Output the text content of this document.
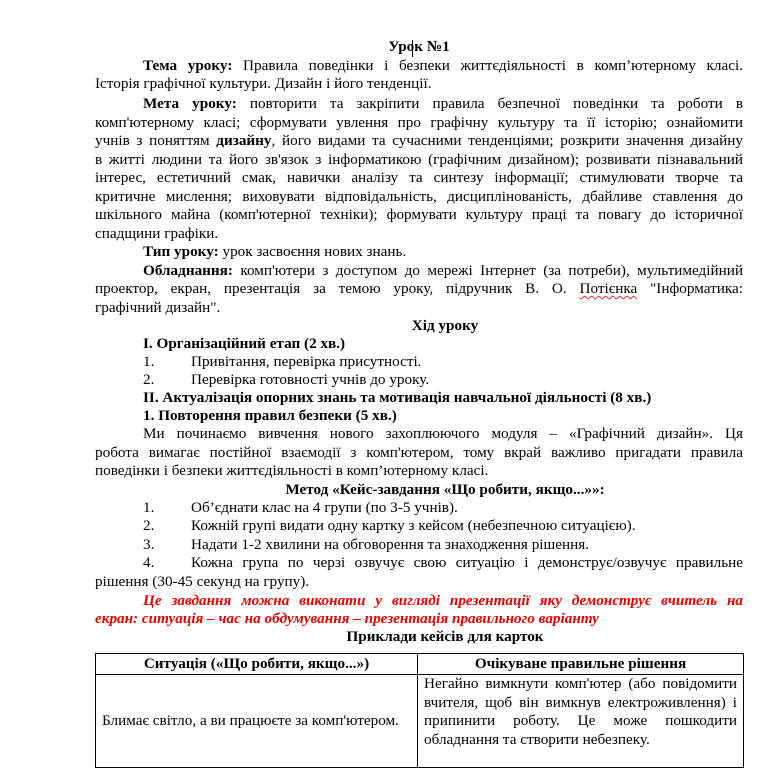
Урок №1
Тема уроку: Правила поведінки і безпеки життєдіяльності в комп’ютерному класі.
Історія графічної культури. Дизайн і його тенденції.
Мета уроку: повторити та закріпити правила безпечної поведінки та роботи в
комп'ютерному класі; сформувати увлення про графічну культуру та її історію; ознайомити
учнів з поняттям дизайну, його видами та сучасними тенденціями; розкрити значення дизайну
в житті людини та його зв'язок з інформатикою (графічним дизайном); розвивати пізнавальний
інтерес, естетичний смак, навички аналізу та синтезу інформації; стимулювати творче та
критичне мислення; виховувати відповідальність, дисциплінованість, дбайливе ставлення до
шкільного майна (комп'ютерної техніки); формувати культуру праці та повагу до історичної
спадщини графіки.
Тип уроку: урок засвоєння нових знань.
Обладнання: комп'ютери з доступом до мережі Інтернет (за потреби), мультимедійний
проектор, екран, презентація за темою уроку, підручник В. О. Потієнка "Інформатика:
графічний дизайн".
Хід уроку
I. Організаційний етап (2 хв.)
1. Привітання, перевірка присутності.
2. Перевірка готовності учнів до уроку.
II. Актуалізація опорних знань та мотивація навчальної діяльності (8 хв.)
1. Повторення правил безпеки (5 хв.)
Ми починаємо вивчення нового захоплюючого модуля – «Графічний дизайн». Ця
робота вимагає постійної взаємодії з комп'ютером, тому вкрай важливо пригадати правила
поведінки і безпеки життєдіяльності в комп’ютерному класі.
Метод «Кейс-завдання «Що робити, якщо...»»:
1. Об’єднати клас на 4 групи (по 3-5 учнів).
2. Кожній групі видати одну картку з кейсом (небезпечною ситуацією).
3. Надати 1-2 хвилини на обговорення та знаходження рішення.
4. Кожна група по черзі озвучує свою ситуацію і демонструє/озвучує правильне
рішення (30-45 секунд на групу).
Це завдання можна виконати у вигляді презентації яку демонструє вчитель на
екран: ситуація – час на обдумування – презентація правильного варіанту
Приклади кейсів для карток
Ситуація («Що робити, якщо...»)	Очікуване правильне рішення
Блимає світло, а ви працюєте за комп'ютером.	Негайно вимкнути комп'ютер (або повідомити вчителя, щоб він вимкнув електроживлення) і припинити роботу. Це може пошкодити обладнання та створити небезпеку.
